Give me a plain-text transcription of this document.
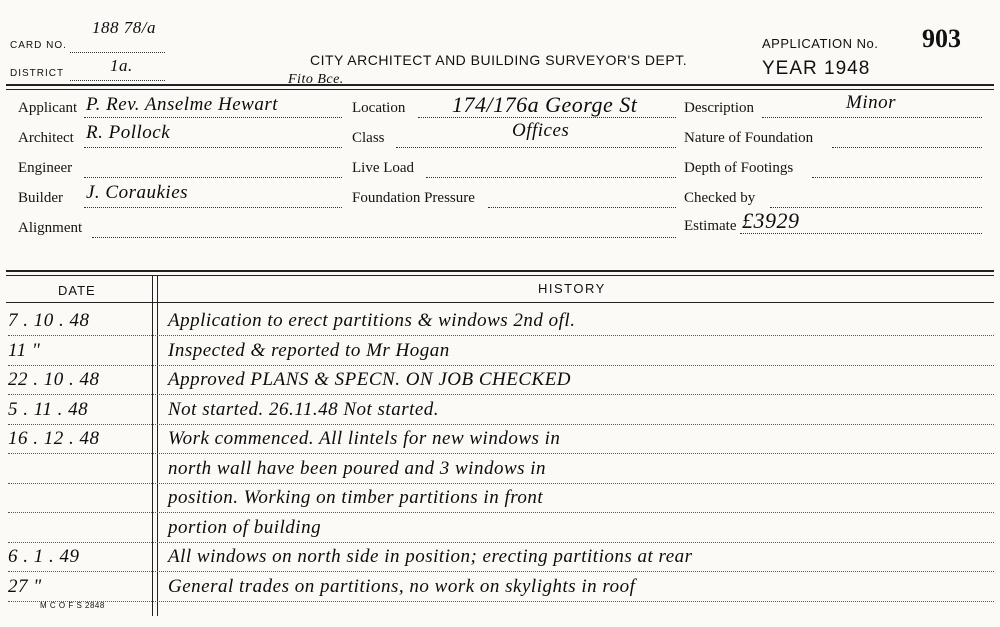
CARD NO.
188 78/a
DISTRICT	1a.	CITY ARCHITECT AND BUILDING SURVEYOR'S DEPT.
APPLICATION No. 903
YEAR 1948
Fito Bce.
Applicant P. Rev. Anselme Hewart	Location 174/176a George St	Description	Minor
Architect R. Pollock	Class	Offices	Nature of Foundation
Engineer	Live Load	Depth of Footings
Builder J. Coraukies	Foundation Pressure	Checked by
Alignment	Estimate £3929
DATE	HISTORY
7 . 10 . 48	Application to erect partitions & windows 2nd ofl.
11 "	Inspected & reported to Mr Hogan
22 . 10 . 48	Approved PLANS & SPECN. ON JOB CHECKED
5 . 11 . 48	Not started. 26.11.48 Not started.
16 . 12 . 48	Work commenced. All lintels for new windows in
north wall have been poured and 3 windows in
position. Working on timber partitions in front
portion of building
6 . 1 . 49	All windows on north side in position; erecting partitions at rear
27 "	General trades on partitions, no work on skylights in roof
M C O F S 2848
